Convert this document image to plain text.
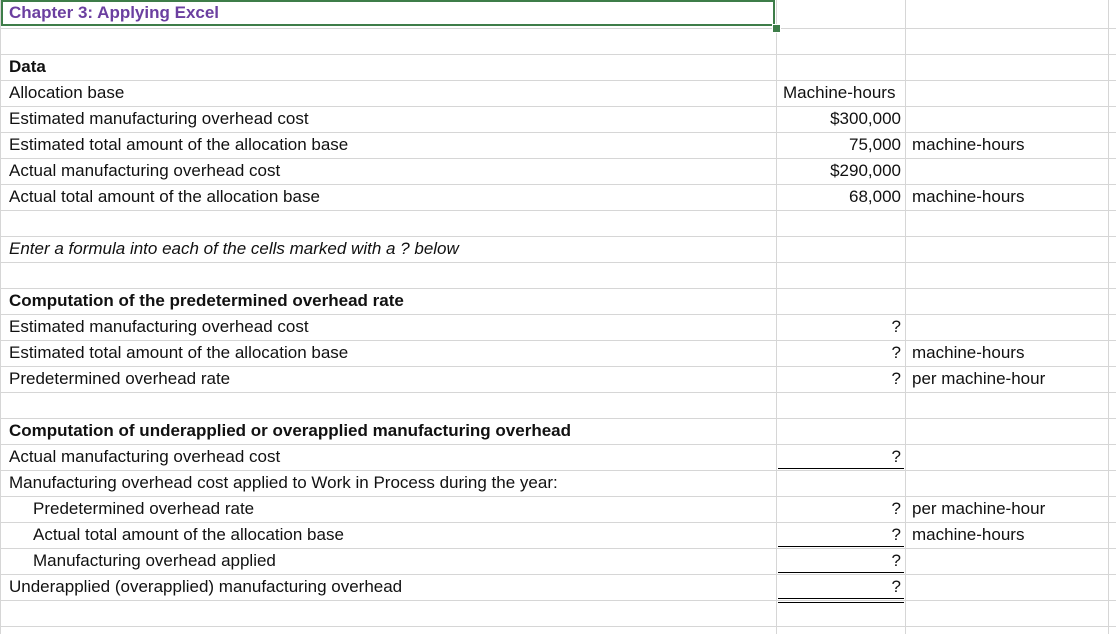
Chapter 3: Applying Excel
Data
Allocation base	Machine-hours
Estimated manufacturing overhead cost	$300,000
Estimated total amount of the allocation base	75,000 machine-hours
Actual manufacturing overhead cost	$290,000
Actual total amount of the allocation base	68,000 machine-hours
Enter a formula into each of the cells marked with a ? below
Computation of the predetermined overhead rate
Estimated manufacturing overhead cost	?
Estimated total amount of the allocation base	? machine-hours
Predetermined overhead rate	? per machine-hour
Computation of underapplied or overapplied manufacturing overhead
Actual manufacturing overhead cost	?
Manufacturing overhead cost applied to Work in Process during the year:
Predetermined overhead rate	? per machine-hour
Actual total amount of the allocation base	? machine-hours
Manufacturing overhead applied	?
Underapplied (overapplied) manufacturing overhead	?
